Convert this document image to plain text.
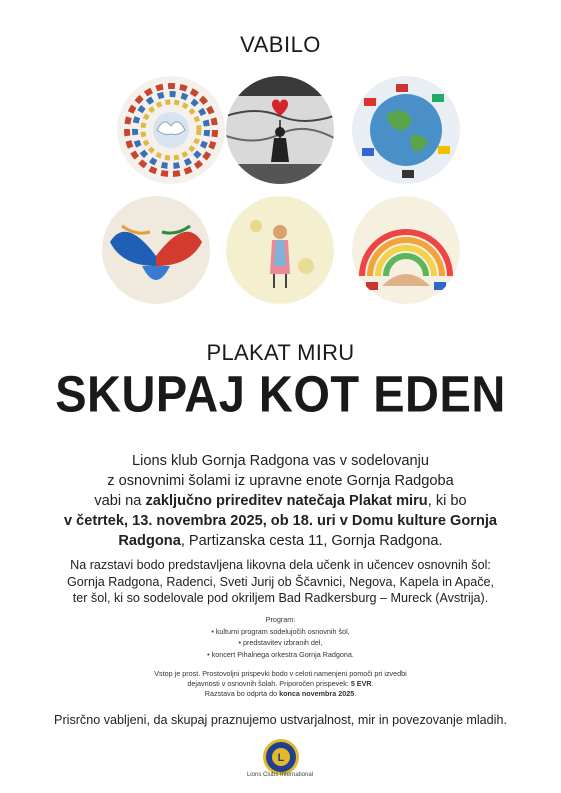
VABILO
PLAKAT MIRU
SKUPAJ KOT EDEN
Lions klub Gornja Radgona vas v sodelovanju
z osnovnimi šolami iz upravne enote Gornja Radgoba
vabi na zaključno prireditev natečaja Plakat miru, ki bo
v četrtek, 13. novembra 2025, ob 18. uri v Domu kulture Gornja
Radgona, Partizanska cesta 11, Gornja Radgona.
Na razstavi bodo predstavljena likovna dela učenk in učencev osnovnih šol:
Gornja Radgona, Radenci, Sveti Jurij ob Ščavnici, Negova, Kapela in Apače,
ter šol, ki so sodelovale pod okriljem Bad Radkersburg – Mureck (Avstrija).
Program:
• kulturni program sodelujočih osnovnih šol,
• predstavitev izbranih del,
• koncert Pihalnega orkestra Gornja Radgona.
Vstop je prost. Prostovoljni prispevki bodo v celoti namenjeni pomoči pri izvedbi
dejavnosti v osnovnih šolah. Priporočen prispevek: 5 EVR.
Razstava bo odprta do konca novembra 2025.
Prisrčno vabljeni, da skupaj praznujemo ustvarjalnost, mir in povezovanje mladih.
L
Lions Clubs International
